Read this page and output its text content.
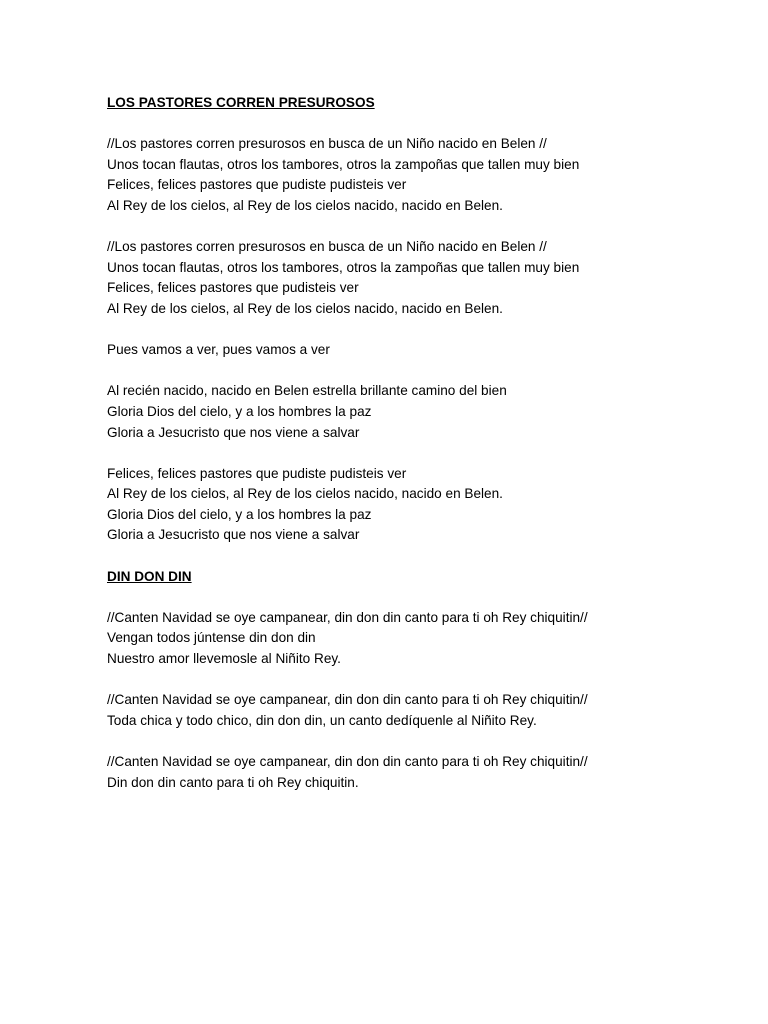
LOS PASTORES CORREN PRESUROSOS

//Los pastores corren presurosos en busca de un Niño nacido en Belen //

Unos tocan flautas, otros los tambores, otros la zampoñas que tallen muy bien

Felices, felices pastores que pudiste pudisteis ver

Al Rey de los cielos, al Rey de los cielos nacido, nacido en Belen.

//Los pastores corren presurosos en busca de un Niño nacido en Belen //

Unos tocan flautas, otros los tambores, otros la zampoñas que tallen muy bien

Felices, felices pastores que pudisteis ver

Al Rey de los cielos, al Rey de los cielos nacido, nacido en Belen.

Pues vamos a ver, pues vamos a ver

Al recién nacido, nacido en Belen estrella brillante camino del bien

Gloria Dios del cielo, y a los hombres la paz

Gloria a Jesucristo que nos viene a salvar

Felices, felices pastores que pudiste pudisteis ver

Al Rey de los cielos, al Rey de los cielos nacido, nacido en Belen.

Gloria Dios del cielo, y a los hombres la paz

Gloria a Jesucristo que nos viene a salvar

DIN DON DIN

//Canten Navidad se oye campanear, din don din canto para ti oh Rey chiquitin//

Vengan todos júntense din don din

Nuestro amor llevemosle al Niñito Rey.

//Canten Navidad se oye campanear, din don din canto para ti oh Rey chiquitin//

Toda chica y todo chico, din don din, un canto dedíquenle al Niñito Rey.

//Canten Navidad se oye campanear, din don din canto para ti oh Rey chiquitin//

Din don din canto para ti oh Rey chiquitin.
